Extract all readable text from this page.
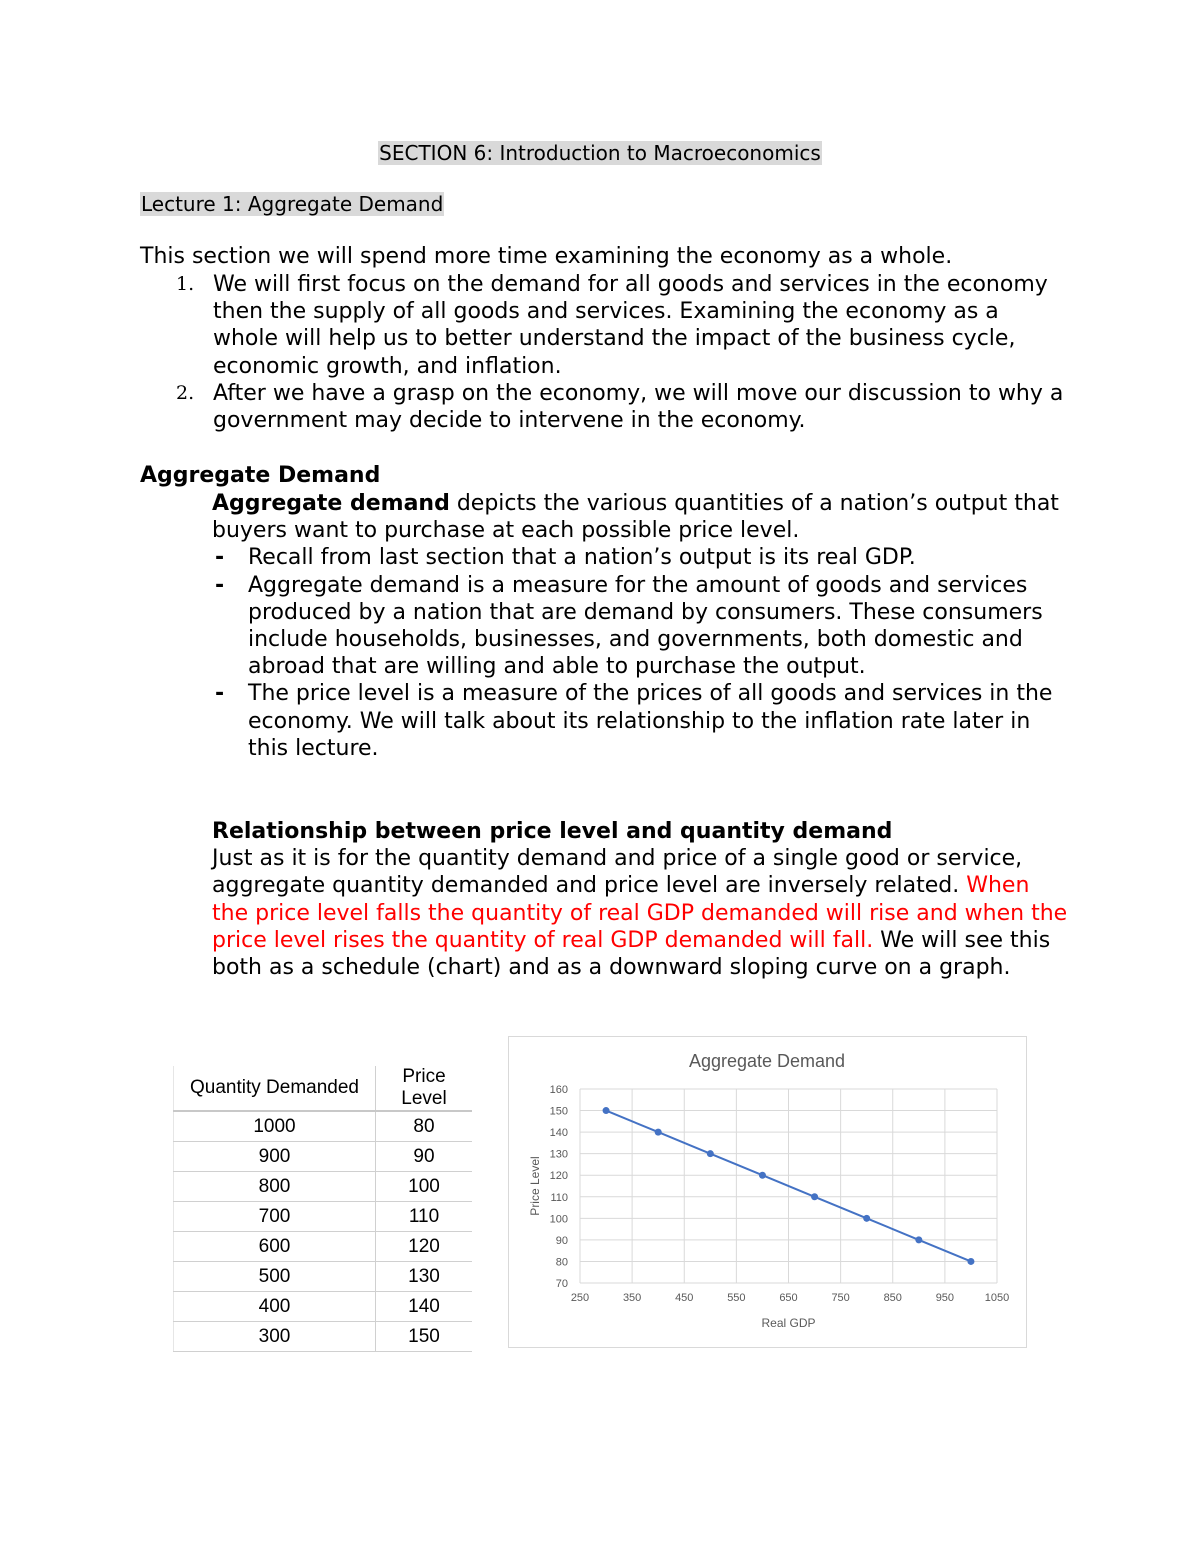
SECTION 6: Introduction to Macroeconomics
Lecture 1: Aggregate Demand
This section we will spend more time examining the economy as a whole.
1. We will first focus on the demand for all goods and services in the economy then the supply of all goods and services. Examining the economy as a whole will help us to better understand the impact of the business cycle, economic growth, and inflation.
2. After we have a grasp on the economy, we will move our discussion to why a government may decide to intervene in the economy.
Aggregate Demand
Aggregate demand depicts the various quantities of a nation’s output that buyers want to purchase at each possible price level.
- Recall from last section that a nation’s output is its real GDP.
- Aggregate demand is a measure for the amount of goods and services produced by a nation that are demand by consumers. These consumers include households, businesses, and governments, both domestic and abroad that are willing and able to purchase the output.
- The price level is a measure of the prices of all goods and services in the economy. We will talk about its relationship to the inflation rate later in this lecture.
Relationship between price level and quantity demand
Just as it is for the quantity demand and price of a single good or service, aggregate quantity demanded and price level are inversely related. When the price level falls the quantity of real GDP demanded will rise and when the price level rises the quantity of real GDP demanded will fall. We will see this both as a schedule (chart) and as a downward sloping curve on a graph.
Quantity Demanded	Price Level
1000	80
900	90
800	100
700	110
600	120
500	130
400	140
300	150
Aggregate Demand
250	350	450	550	650	750	850	950	1050
70
80
90
100
110
120
130
140
150
160
Real GDP
Price Level
